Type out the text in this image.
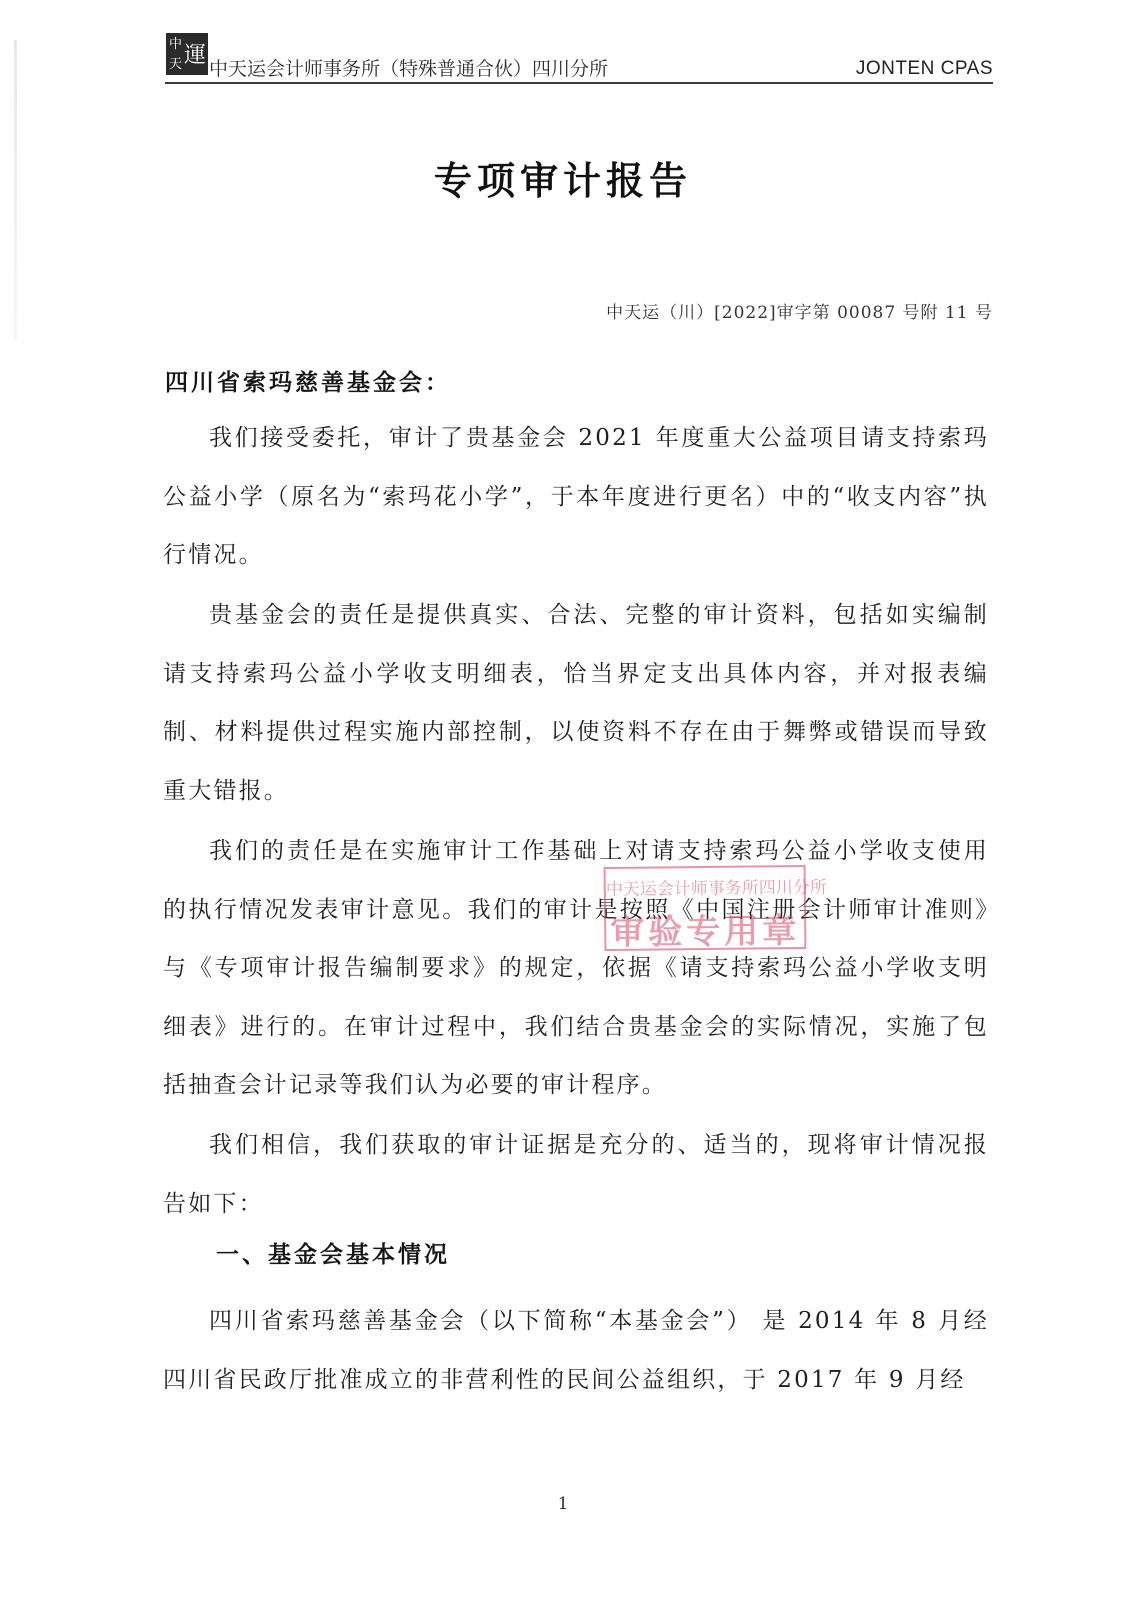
中
天 運
中天运会计师事务所（特殊普通合伙）四川分所	JONTEN CPAS
专项审计报告
中天运（川）[2022]审字第 00087 号附 11 号
四川省索玛慈善基金会：

我们接受委托，审计了贵基金会 2021 年度重大公益项目请支持索玛公益小学（原名为“索玛花小学”，于本年度进行更名）中的“收支内容”执行情况。

贵基金会的责任是提供真实、合法、完整的审计资料，包括如实编制请支持索玛公益小学收支明细表，恰当界定支出具体内容，并对报表编制、材料提供过程实施内部控制，以使资料不存在由于舞弊或错误而导致重大错报。

我们的责任是在实施审计工作基础上对请支持索玛公益小学收支使用的执行情况发表审计意见。我们的审计是按照《中国注册会计师审计准则》与《专项审计报告编制要求》的规定，依据《请支持索玛公益小学收支明细表》进行的。在审计过程中，我们结合贵基金会的实际情况，实施了包括抽查会计记录等我们认为必要的审计程序。

我们相信，我们获取的审计证据是充分的、适当的，现将审计情况报告如下：

一、基金会基本情况

四川省索玛慈善基金会（以下简称“本基金会”） 是 2014 年 8 月经四川省民政厅批准成立的非营利性的民间公益组织，于 2017 年 9 月经

中天运会计师事务所四川分所
审验专用章
1
